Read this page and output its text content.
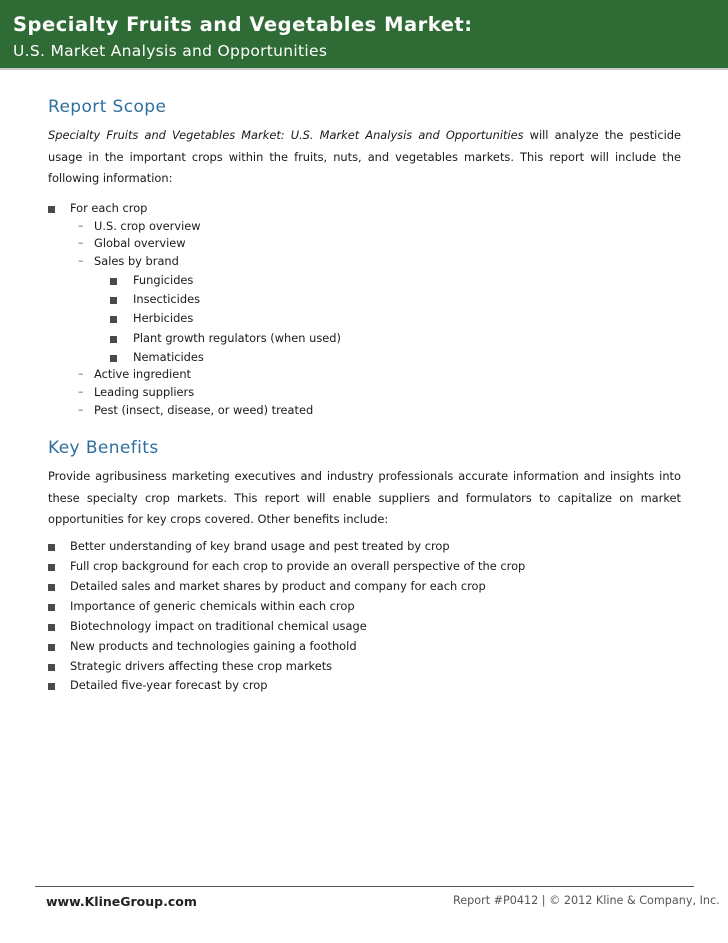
Specialty Fruits and Vegetables Market:
U.S. Market Analysis and Opportunities
Report Scope
Specialty Fruits and Vegetables Market: U.S. Market Analysis and Opportunities will analyze the pesticide usage in the important crops within the fruits, nuts, and vegetables markets. This report will include the following information:
For each crop
– U.S. crop overview
– Global overview
– Sales by brand
Fungicides
Insecticides
Herbicides
Plant growth regulators (when used)
Nematicides
– Active ingredient
– Leading suppliers
– Pest (insect, disease, or weed) treated
Key Benefits
Provide agribusiness marketing executives and industry professionals accurate information and insights into these specialty crop markets. This report will enable suppliers and formulators to capitalize on market opportunities for key crops covered. Other benefits include:
Better understanding of key brand usage and pest treated by crop
Full crop background for each crop to provide an overall perspective of the crop
Detailed sales and market shares by product and company for each crop
Importance of generic chemicals within each crop
Biotechnology impact on traditional chemical usage
New products and technologies gaining a foothold
Strategic drivers affecting these crop markets
Detailed five-year forecast by crop
www.KlineGroup.com	Report #P0412 | © 2012 Kline & Company, Inc.
